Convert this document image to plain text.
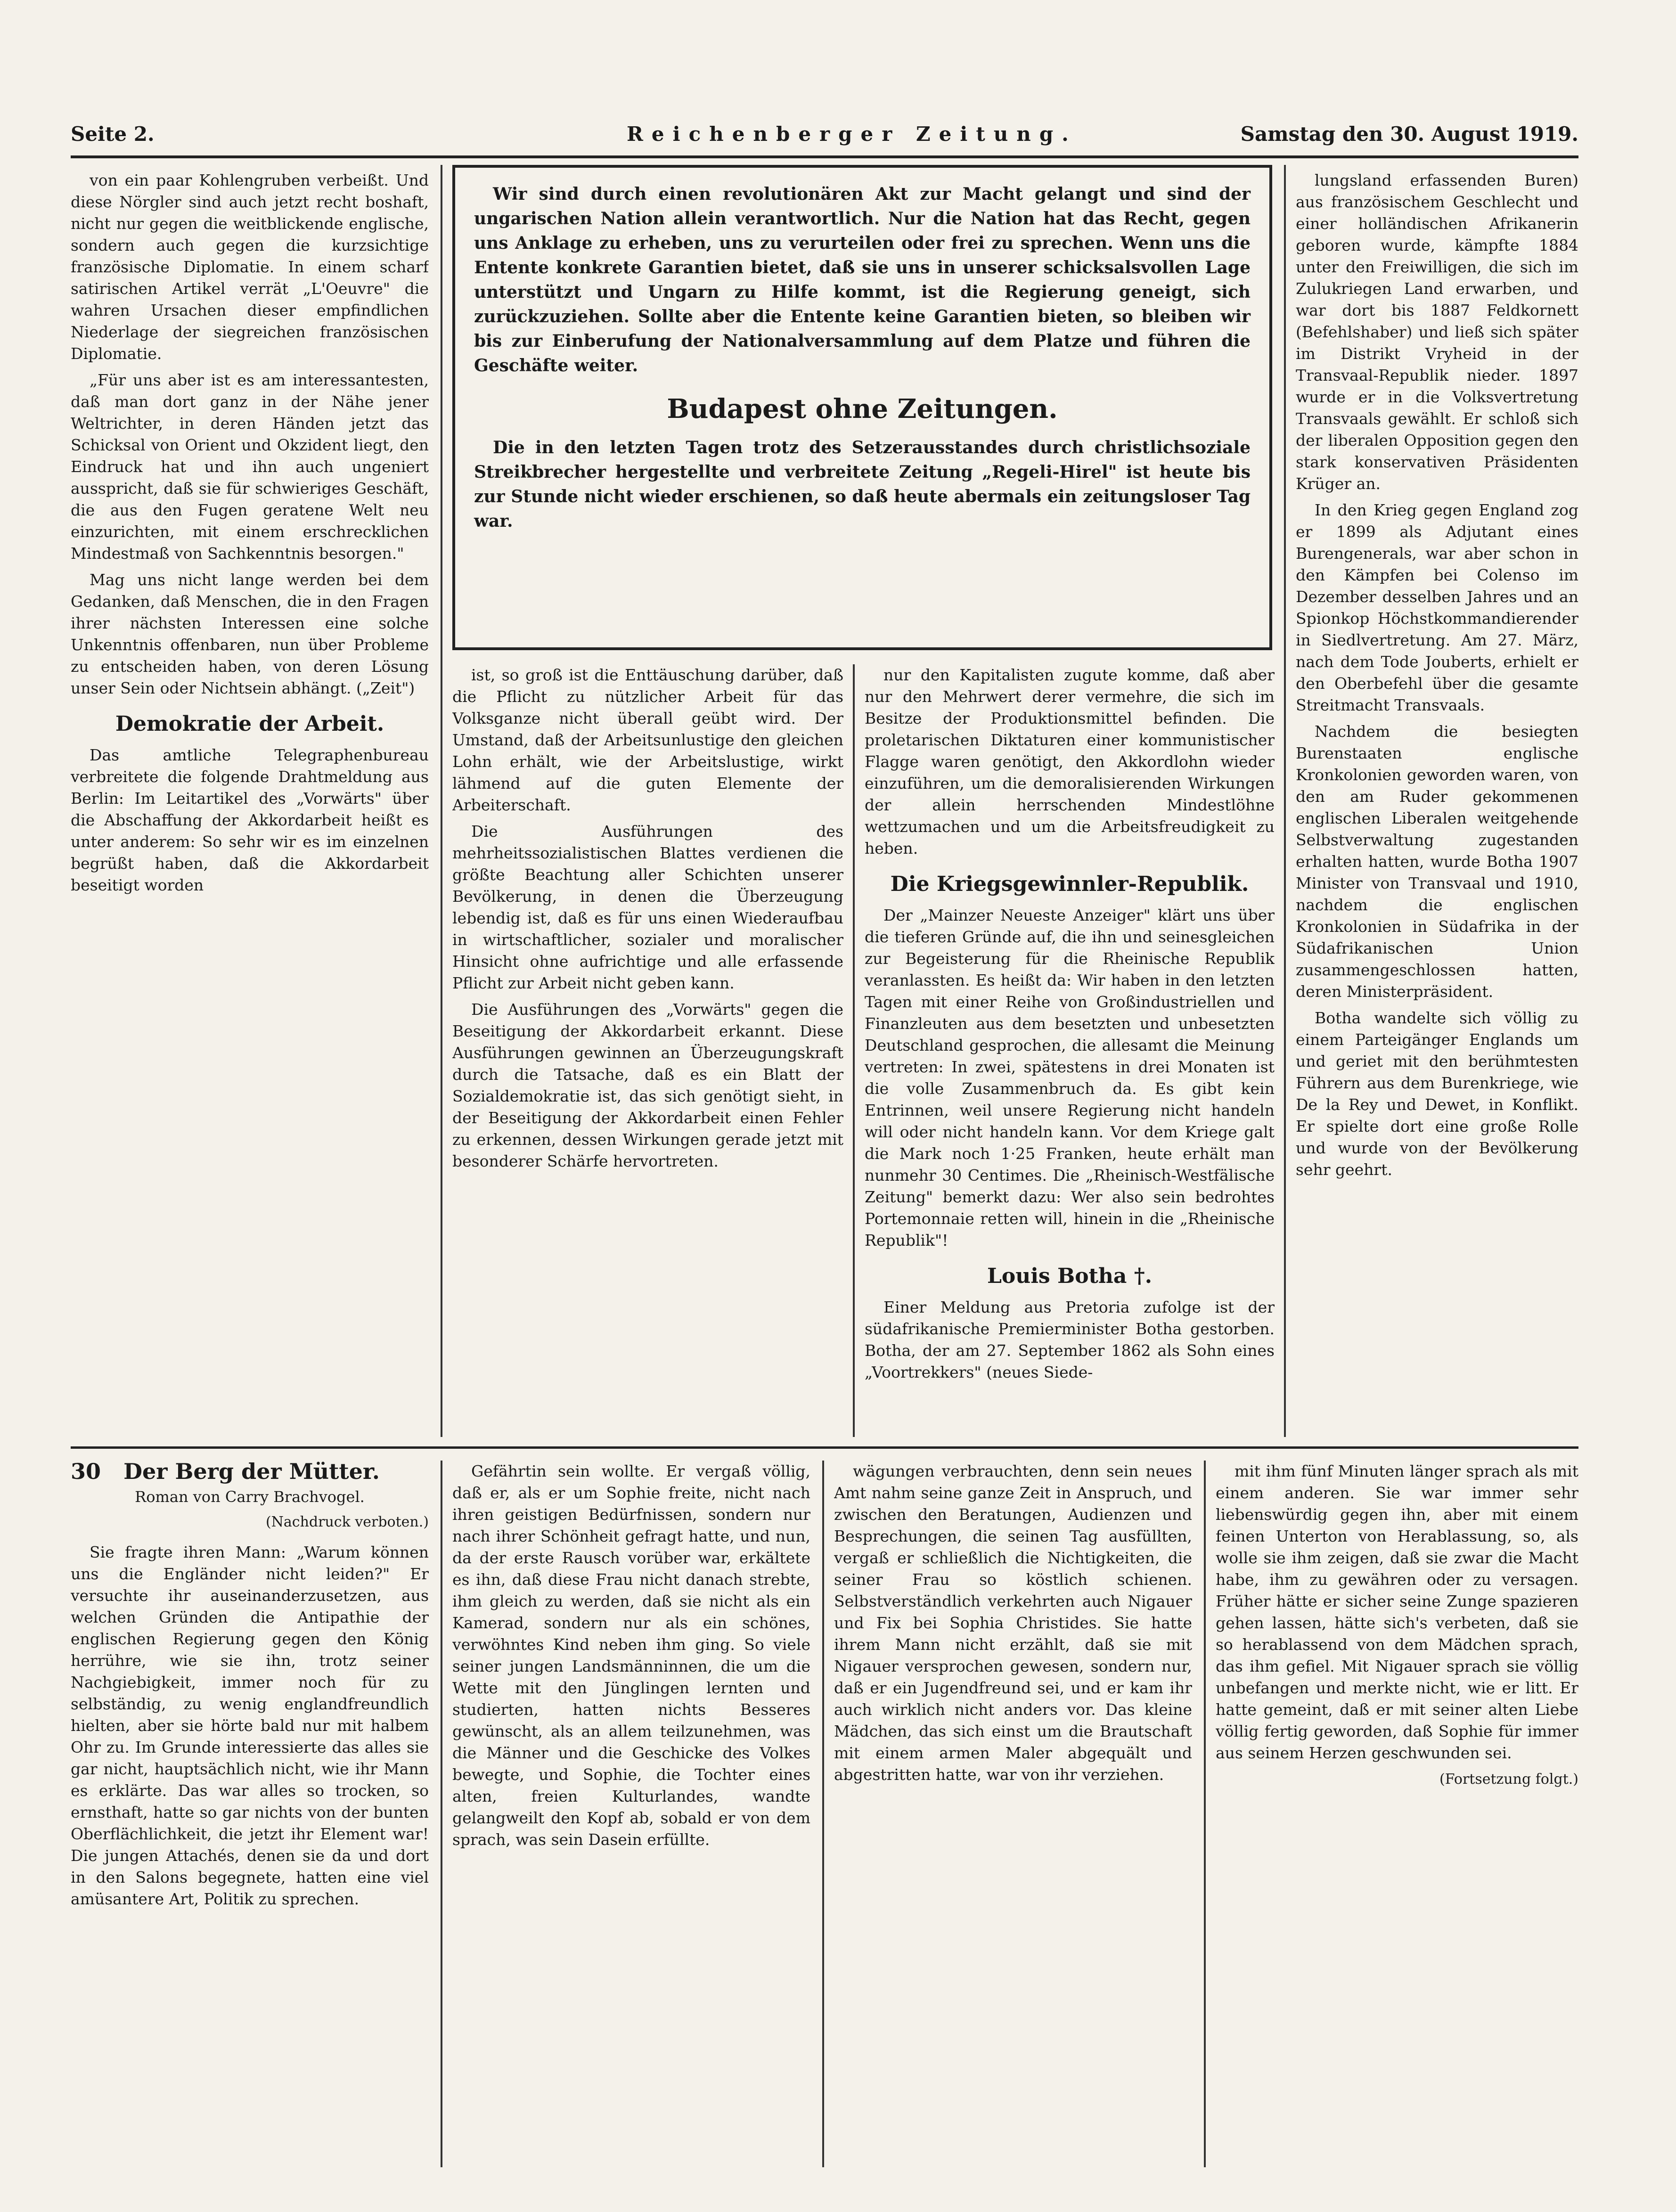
Seite 2.	Reichenberger Zeitung.	Samstag den 30. August 1919.

von ein paar Kohlengruben verbeißt. Und diese Nörgler sind auch jetzt recht boshaft, nicht nur gegen die weitblickende englische, sondern auch gegen die kurzsichtige französische Diplomatie. In einem scharf satirischen Artikel verrät „L'Oeuvre" die wahren Ursachen dieser empfindlichen Niederlage der siegreichen französischen Diplomatie.

„Für uns aber ist es am interessantesten, daß man dort ganz in der Nähe jener Weltrichter, in deren Händen jetzt das Schicksal von Orient und Okzident liegt, den Eindruck hat und ihn auch ungeniert ausspricht, daß sie für schwieriges Geschäft, die aus den Fugen geratene Welt neu einzurichten, mit einem erschrecklichen Mindestmaß von Sachkenntnis besorgen."

Mag uns nicht lange werden bei dem Gedanken, daß Menschen, die in den Fragen ihrer nächsten Interessen eine solche Unkenntnis offenbaren, nun über Probleme zu entscheiden haben, von deren Lösung unser Sein oder Nichtsein abhängt. („Zeit")

Demokratie der Arbeit.

Das amtliche Telegraphenbureau verbreitete die folgende Drahtmeldung aus Berlin: Im Leitartikel des „Vorwärts" über die Abschaffung der Akkordarbeit heißt es unter anderem: So sehr wir es im einzelnen begrüßt haben, daß die Akkordarbeit beseitigt worden

Wir sind durch einen revolutionären Akt zur Macht gelangt und sind der ungarischen Nation allein verantwortlich. Nur die Nation hat das Recht, gegen uns Anklage zu erheben, uns zu verurteilen oder frei zu sprechen. Wenn uns die Entente konkrete Garantien bietet, daß sie uns in unserer schicksalsvollen Lage unterstützt und Ungarn zu Hilfe kommt, ist die Regierung geneigt, sich zurückzuziehen. Sollte aber die Entente keine Garantien bieten, so bleiben wir bis zur Einberufung der Nationalversammlung auf dem Platze und führen die Geschäfte weiter.

Budapest ohne Zeitungen.

Die in den letzten Tagen trotz des Setzerausstandes durch christlichsoziale Streikbrecher hergestellte und verbreitete Zeitung „Regeli-Hirel" ist heute bis zur Stunde nicht wieder erschienen, so daß heute abermals ein zeitungsloser Tag war.

ist, so groß ist die Enttäuschung darüber, daß die Pflicht zu nützlicher Arbeit für das Volksganze nicht überall geübt wird. Der Umstand, daß der Arbeitsunlustige den gleichen Lohn erhält, wie der Arbeitslustige, wirkt lähmend auf die guten Elemente der Arbeiterschaft.

Die Ausführungen des mehrheitssozialistischen Blattes verdienen die größte Beachtung aller Schichten unserer Bevölkerung, in denen die Überzeugung lebendig ist, daß es für uns einen Wiederaufbau in wirtschaftlicher, sozialer und moralischer Hinsicht ohne aufrichtige und alle erfassende Pflicht zur Arbeit nicht geben kann.

Die Ausführungen des „Vorwärts" gegen die Beseitigung der Akkordarbeit erkannt. Diese Ausführungen gewinnen an Überzeugungskraft durch die Tatsache, daß es ein Blatt der Sozialdemokratie ist, das sich genötigt sieht, in der Beseitigung der Akkordarbeit einen Fehler zu erkennen, dessen Wirkungen gerade jetzt mit besonderer Schärfe hervortreten.

nur den Kapitalisten zugute komme, daß aber nur den Mehrwert derer vermehre, die sich im Besitze der Produktionsmittel befinden. Die proletarischen Diktaturen einer kommunistischer Flagge waren genötigt, den Akkordlohn wieder einzuführen, um die demoralisierenden Wirkungen der allein herrschenden Mindestlöhne wettzumachen und um die Arbeitsfreudigkeit zu heben.

Die Kriegsgewinnler-Republik.

Der „Mainzer Neueste Anzeiger" klärt uns über die tieferen Gründe auf, die ihn und seinesgleichen zur Begeisterung für die Rheinische Republik veranlassten. Es heißt da: Wir haben in den letzten Tagen mit einer Reihe von Großindustriellen und Finanzleuten aus dem besetzten und unbesetzten Deutschland gesprochen, die allesamt die Meinung vertreten: In zwei, spätestens in drei Monaten ist die volle Zusammenbruch da. Es gibt kein Entrinnen, weil unsere Regierung nicht handeln will oder nicht handeln kann. Vor dem Kriege galt die Mark noch 1·25 Franken, heute erhält man nunmehr 30 Centimes. Die „Rheinisch-Westfälische Zeitung" bemerkt dazu: Wer also sein bedrohtes Portemonnaie retten will, hinein in die „Rheinische Republik"!

Louis Botha †.

Einer Meldung aus Pretoria zufolge ist der südafrikanische Premierminister Botha gestorben. Botha, der am 27. September 1862 als Sohn eines „Voortrekkers" (neues Siede-

lungsland erfassenden Buren) aus französischem Geschlecht und einer holländischen Afrikanerin geboren wurde, kämpfte 1884 unter den Freiwilligen, die sich im Zulukriegen Land erwarben, und war dort bis 1887 Feldkornett (Befehlshaber) und ließ sich später im Distrikt Vryheid in der Transvaal-Republik nieder. 1897 wurde er in die Volksvertretung Transvaals gewählt. Er schloß sich der liberalen Opposition gegen den stark konservativen Präsidenten Krüger an.

In den Krieg gegen England zog er 1899 als Adjutant eines Burengenerals, war aber schon in den Kämpfen bei Colenso im Dezember desselben Jahres und an Spionkop Höchstkommandierender in Siedlvertretung. Am 27. März, nach dem Tode Jouberts, erhielt er den Oberbefehl über die gesamte Streitmacht Transvaals.

Nachdem die besiegten Burenstaaten englische Kronkolonien geworden waren, von den am Ruder gekommenen englischen Liberalen weitgehende Selbstverwaltung zugestanden erhalten hatten, wurde Botha 1907 Minister von Transvaal und 1910, nachdem die englischen Kronkolonien in Südafrika in der Südafrikanischen Union zusammengeschlossen hatten, deren Ministerpräsident.

Botha wandelte sich völlig zu einem Parteigänger Englands um und geriet mit den berühmtesten Führern aus dem Burenkriege, wie De la Rey und Dewet, in Konflikt. Er spielte dort eine große Rolle und wurde von der Bevölkerung sehr geehrt.

30 Der Berg der Mütter.
Roman von Carry Brachvogel.
(Nachdruck verboten.)

Sie fragte ihren Mann: „Warum können uns die Engländer nicht leiden?" Er versuchte ihr auseinanderzusetzen, aus welchen Gründen die Antipathie der englischen Regierung gegen den König herrühre, wie sie ihn, trotz seiner Nachgiebigkeit, immer noch für zu selbständig, zu wenig englandfreundlich hielten, aber sie hörte bald nur mit halbem Ohr zu. Im Grunde interessierte das alles sie gar nicht, hauptsächlich nicht, wie ihr Mann es erklärte. Das war alles so trocken, so ernsthaft, hatte so gar nichts von der bunten Oberflächlichkeit, die jetzt ihr Element war! Die jungen Attachés, denen sie da und dort in den Salons begegnete, hatten eine viel amüsantere Art, Politik zu sprechen.

Gefährtin sein wollte. Er vergaß völlig, daß er, als er um Sophie freite, nicht nach ihren geistigen Bedürfnissen, sondern nur nach ihrer Schönheit gefragt hatte, und nun, da der erste Rausch vorüber war, erkältete es ihn, daß diese Frau nicht danach strebte, ihm gleich zu werden, daß sie nicht als ein Kamerad, sondern nur als ein schönes, verwöhntes Kind neben ihm ging. So viele seiner jungen Landsmänninnen, die um die Wette mit den Jünglingen lernten und studierten, hatten nichts Besseres gewünscht, als an allem teilzunehmen, was die Männer und die Geschicke des Volkes bewegte, und Sophie, die Tochter eines alten, freien Kulturlandes, wandte gelangweilt den Kopf ab, sobald er von dem sprach, was sein Dasein erfüllte.

wägungen verbrauchten, denn sein neues Amt nahm seine ganze Zeit in Anspruch, und zwischen den Beratungen, Audienzen und Besprechungen, die seinen Tag ausfüllten, vergaß er schließlich die Nichtigkeiten, die seiner Frau so köstlich schienen. Selbstverständlich verkehrten auch Nigauer und Fix bei Sophia Christides. Sie hatte ihrem Mann nicht erzählt, daß sie mit Nigauer versprochen gewesen, sondern nur, daß er ein Jugendfreund sei, und er kam ihr auch wirklich nicht anders vor. Das kleine Mädchen, das sich einst um die Brautschaft mit einem armen Maler abgequält und abgestritten hatte, war von ihr verziehen.

mit ihm fünf Minuten länger sprach als mit einem anderen. Sie war immer sehr liebenswürdig gegen ihn, aber mit einem feinen Unterton von Herablassung, so, als wolle sie ihm zeigen, daß sie zwar die Macht habe, ihm zu gewähren oder zu versagen. Früher hätte er sicher seine Zunge spazieren gehen lassen, hätte sich's verbeten, daß sie so herablassend von dem Mädchen sprach, das ihm gefiel. Mit Nigauer sprach sie völlig unbefangen und merkte nicht, wie er litt. Er hatte gemeint, daß er mit seiner alten Liebe völlig fertig geworden, daß Sophie für immer aus seinem Herzen geschwunden sei.

(Fortsetzung folgt.)
